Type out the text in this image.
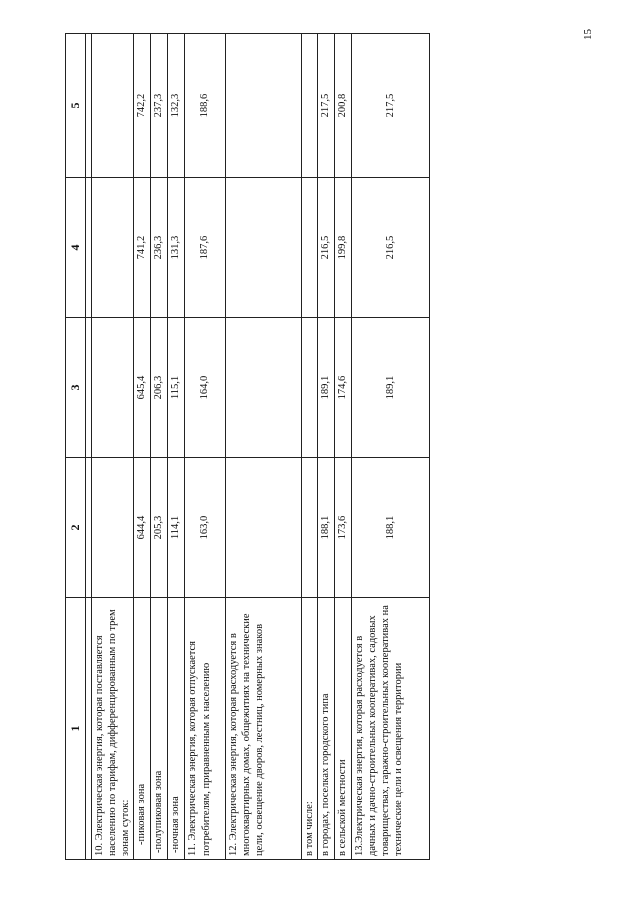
15
1	2	3	4	5

10. Электрическая энергия, которая поставляется населению по тарифам, дифференцированным по трем зонам суток:				
-пиковая зона	644,4	645,4	741,2	742,2
-полупиковая зона	205,3	206,3	236,3	237,3
-ночная зона	114,1	115,1	131,3	132,3
11. Электрическая энергия, которая отпускается потребителям, приравненным к населению	163,0	164,0	187,6	188,6
12. Электрическая энергия, которая расходуется в многоквартирных домах, общежитиях на технические цели, освещение дворов, лестниц, номерных знаков				
в том числе:				
в городах, поселках городского типа	188,1	189,1	216,5	217,5
в сельской местности	173,6	174,6	199,8	200,8
13.Электрическая энергия, которая расходуется в дачных и дачно-строительных кооперативах, садовых товариществах, гаражно-строительных кооперативах на технические цели и освещения территории	188,1	189,1	216,5	217,5
